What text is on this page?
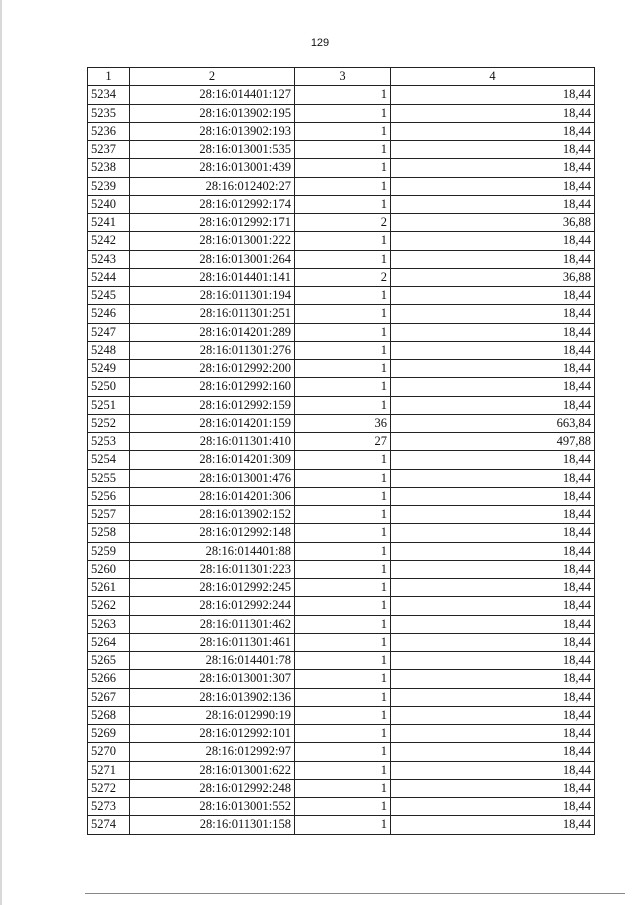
129
1	2	3	4
5234	28:16:014401:127	1	18,44
5235	28:16:013902:195	1	18,44
5236	28:16:013902:193	1	18,44
5237	28:16:013001:535	1	18,44
5238	28:16:013001:439	1	18,44
5239	28:16:012402:27	1	18,44
5240	28:16:012992:174	1	18,44
5241	28:16:012992:171	2	36,88
5242	28:16:013001:222	1	18,44
5243	28:16:013001:264	1	18,44
5244	28:16:014401:141	2	36,88
5245	28:16:011301:194	1	18,44
5246	28:16:011301:251	1	18,44
5247	28:16:014201:289	1	18,44
5248	28:16:011301:276	1	18,44
5249	28:16:012992:200	1	18,44
5250	28:16:012992:160	1	18,44
5251	28:16:012992:159	1	18,44
5252	28:16:014201:159	36	663,84
5253	28:16:011301:410	27	497,88
5254	28:16:014201:309	1	18,44
5255	28:16:013001:476	1	18,44
5256	28:16:014201:306	1	18,44
5257	28:16:013902:152	1	18,44
5258	28:16:012992:148	1	18,44
5259	28:16:014401:88	1	18,44
5260	28:16:011301:223	1	18,44
5261	28:16:012992:245	1	18,44
5262	28:16:012992:244	1	18,44
5263	28:16:011301:462	1	18,44
5264	28:16:011301:461	1	18,44
5265	28:16:014401:78	1	18,44
5266	28:16:013001:307	1	18,44
5267	28:16:013902:136	1	18,44
5268	28:16:012990:19	1	18,44
5269	28:16:012992:101	1	18,44
5270	28:16:012992:97	1	18,44
5271	28:16:013001:622	1	18,44
5272	28:16:012992:248	1	18,44
5273	28:16:013001:552	1	18,44
5274	28:16:011301:158	1	18,44
